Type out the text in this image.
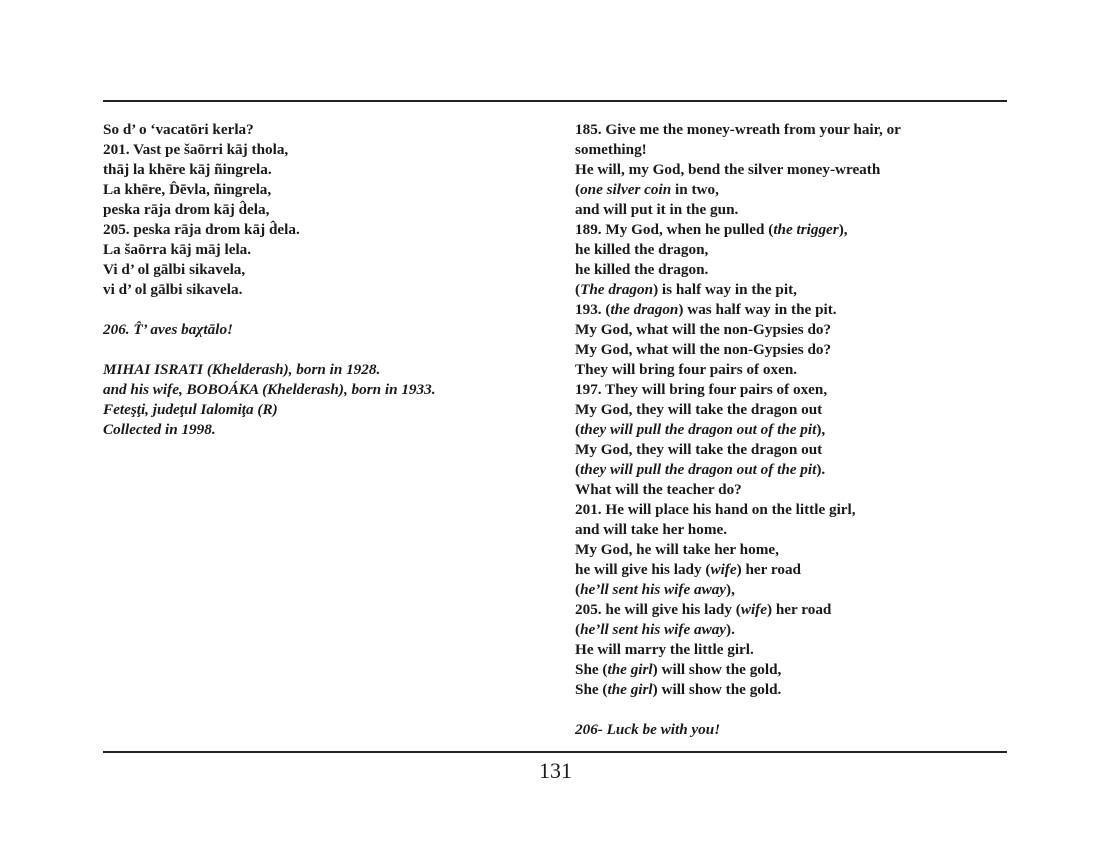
So d’ o ‘vacatōri kerla?
201. Vast pe šaōrri kāj thola,
thāj la khēre kāj ñingrela.
La khēre, D̂ēvla, ñingrela,
peska rāja drom kāj d̂ela,
205. peska rāja drom kāj d̂ela.
La šaōrra kāj māj lela.
Vi d’ ol gālbi sikavela,
vi d’ ol gālbi sikavela.
206. T̂’ aves baχtālo!
MIHAI ISRATI (Khelderash), born in 1928.
and his wife, BOBOÁKA (Khelderash), born in 1933.
Feteşţi, judeţul Ialomiţa (R)
Collected in 1998.
185. Give me the money-wreath from your hair, or
something!
He will, my God, bend the silver money-wreath
(one silver coin in two,
and will put it in the gun.
189. My God, when he pulled (the trigger),
he killed the dragon,
he killed the dragon.
(The dragon) is half way in the pit,
193. (the dragon) was half way in the pit.
My God, what will the non-Gypsies do?
My God, what will the non-Gypsies do?
They will bring four pairs of oxen.
197. They will bring four pairs of oxen,
My God, they will take the dragon out
(they will pull the dragon out of the pit),
My God, they will take the dragon out
(they will pull the dragon out of the pit).
What will the teacher do?
201. He will place his hand on the little girl,
and will take her home.
My God, he will take her home,
he will give his lady (wife) her road
(he’ll sent his wife away),
205. he will give his lady (wife) her road
(he’ll sent his wife away).
He will marry the little girl.
She (the girl) will show the gold,
She (the girl) will show the gold.
206- Luck be with you!
131
